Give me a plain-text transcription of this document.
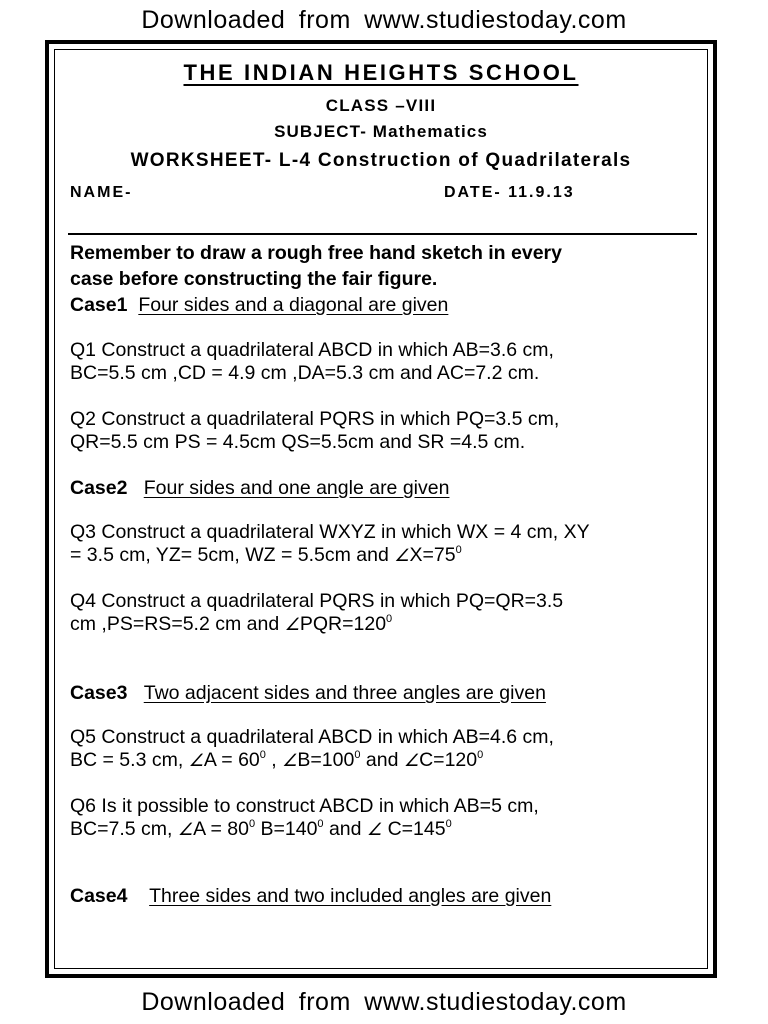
Downloaded from www.studiestoday.com
THE INDIAN HEIGHTS SCHOOL
CLASS –VIII
SUBJECT- Mathematics
WORKSHEET- L-4 Construction of Quadrilaterals
NAME-	DATE- 11.9.13
Remember to draw a rough free hand sketch in every
case before constructing the fair figure.
Case1 Four sides and a diagonal are given
Q1 Construct a quadrilateral ABCD in which AB=3.6 cm,
BC=5.5 cm ,CD = 4.9 cm ,DA=5.3 cm and AC=7.2 cm.
Q2 Construct a quadrilateral PQRS in which PQ=3.5 cm,
QR=5.5 cm PS = 4.5cm QS=5.5cm and SR =4.5 cm.
Case2 Four sides and one angle are given
Q3 Construct a quadrilateral WXYZ in which WX = 4 cm, XY
= 3.5 cm, YZ= 5cm, WZ = 5.5cm and $\angle X=75^0$
Q4 Construct a quadrilateral PQRS in which PQ=QR=3.5
cm ,PS=RS=5.2 cm and $\angle PQR=120^0$
Case3 Two adjacent sides and three angles are given
Q5 Construct a quadrilateral ABCD in which AB=4.6 cm,
BC = 5.3 cm, ∠A = $60^0$ , $\angle B=100^0$ and $\angle C=120^0$
Q6 Is it possible to construct ABCD in which AB=5 cm,
BC=7.5 cm, ∠A = $80^0$ $B=140^0$ and ∠ $C=145^0$
Case4 Three sides and two included angles are given
Downloaded from www.studiestoday.com
